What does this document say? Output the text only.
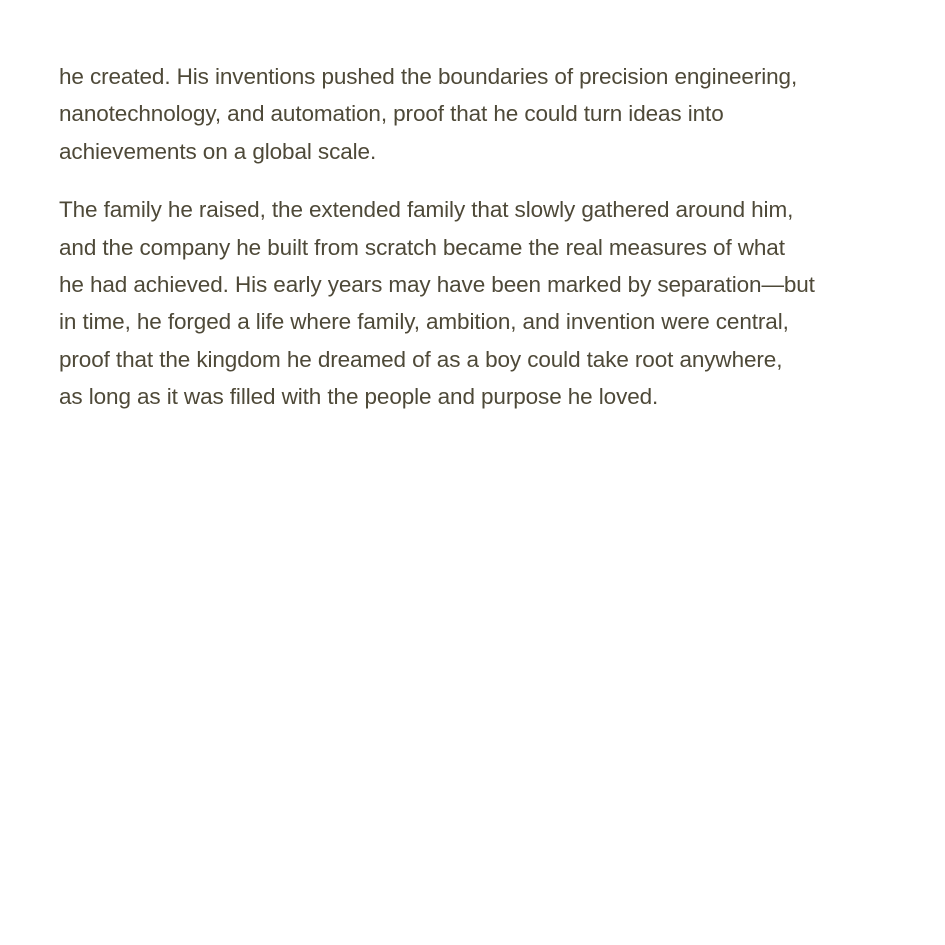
he created. His inventions pushed the boundaries of precision engineering,
nanotechnology, and automation, proof that he could turn ideas into
achievements on a global scale.
The family he raised, the extended family that slowly gathered around him,
and the company he built from scratch became the real measures of what
he had achieved. His early years may have been marked by separation—but
in time, he forged a life where family, ambition, and invention were central,
proof that the kingdom he dreamed of as a boy could take root anywhere,
as long as it was filled with the people and purpose he loved.
